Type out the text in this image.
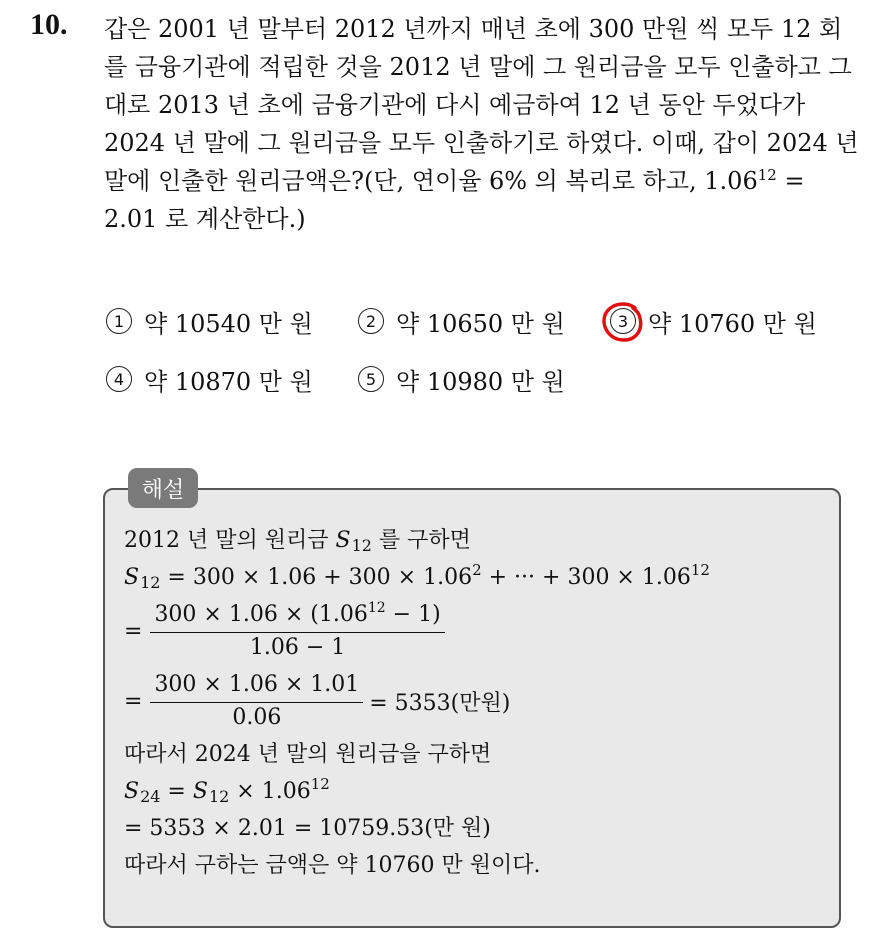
10. 갑은 2001 년 말부터 2012 년까지 매년 초에 300 만원 씩 모두 12 회를 금융기관에 적립한 것을 2012 년 말에 그 원리금을 모두 인출하고 그대로 2013 년 초에 금융기관에 다시 예금하여 12 년 동안 두었다가 2024 년 말에 그 원리금을 모두 인출하기로 하였다. 이때, 갑이 2024 년말에 인출한 원리금액은?(단, 연이율 6% 의 복리로 하고, $1.06^{12} = 2.01$ 로 계산한다.)

1 약 10540 만 원	2 약 10650 만 원	3 약 10760 만 원
4 약 10870 만 원	5 약 10980 만 원
해설
2012 년 말의 원리금 $S_{12}$ 를 구하면
$S_{12} = 300 \times 1.06 + 300 \times 1.06^2$ + ··· + $300 \times 1.06^{12}$
= $\frac{300 \times 1.06 \times (1.06^{12} - 1)}{1.06 - 1}$
= $\frac{300 \times 1.06 \times 1.01}{0.06} = 5353$(만원)
따라서 2024 년 말의 원리금을 구하면
$S_{24} = S_{12} \times 1.06^{12}$
= 5353 × 2.01 = 10759.53(만 원)
따라서 구하는 금액은 약 10760 만 원이다.
